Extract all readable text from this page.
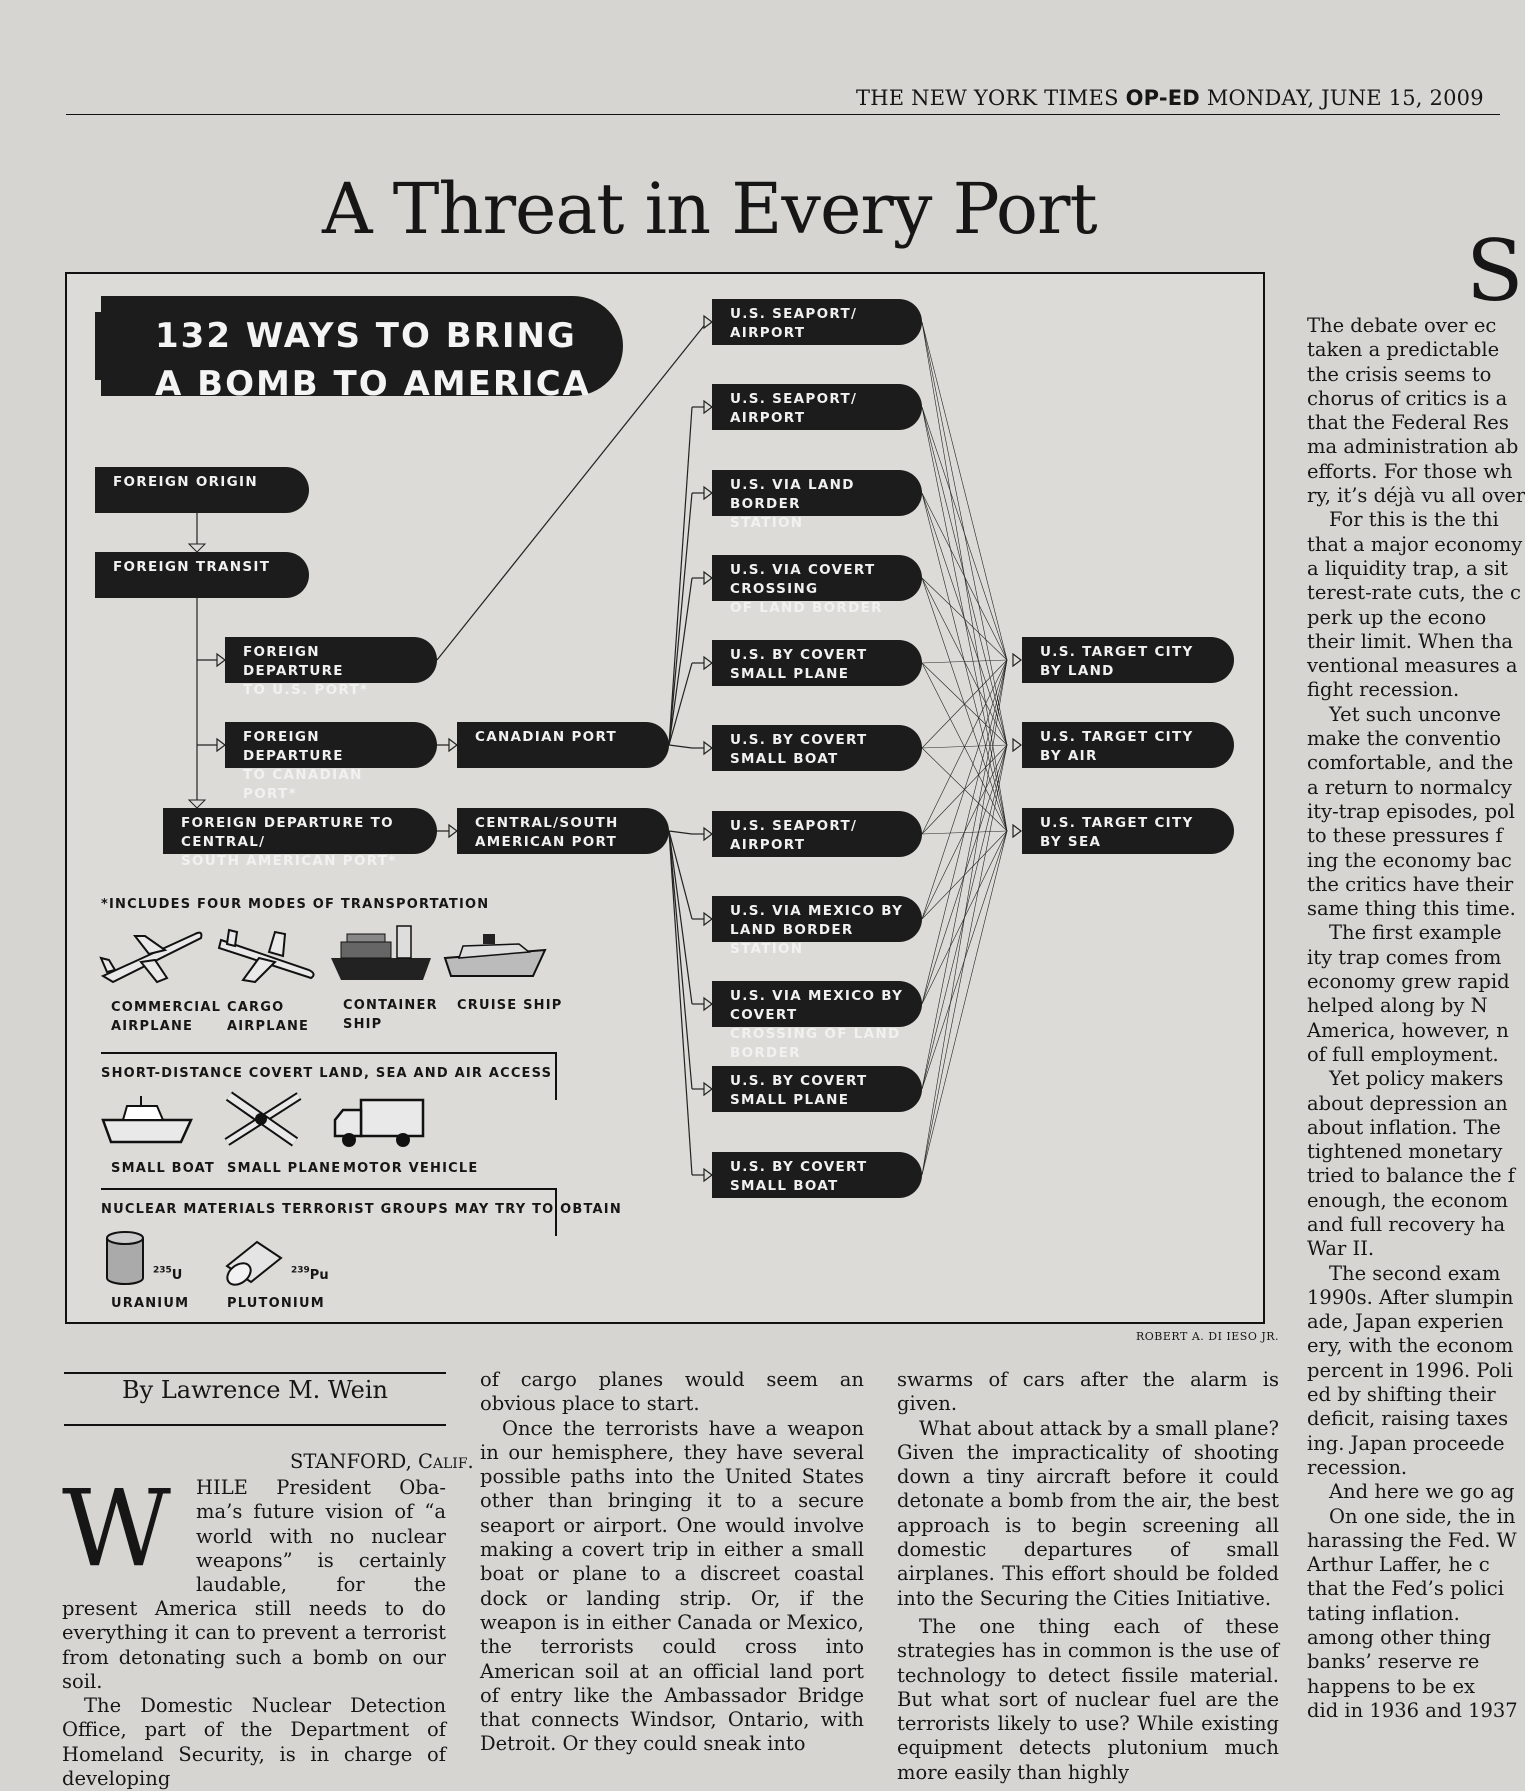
THE NEW YORK TIMES OP-ED MONDAY, JUNE 15, 2009
A Threat in Every Port
S
132 WAYS TO BRING
A BOMB TO AMERICA
FOREIGN ORIGIN
FOREIGN TRANSIT
FOREIGN DEPARTURE
TO U.S. PORT*
FOREIGN DEPARTURE
TO CANADIAN PORT*
FOREIGN DEPARTURE TO CENTRAL/
SOUTH AMERICAN PORT*
CANADIAN PORT
CENTRAL/SOUTH
AMERICAN PORT
*INCLUDES FOUR MODES OF TRANSPORTATION
COMMERCIAL
AIRPLANE
CARGO
AIRPLANE
CONTAINER
SHIP
CRUISE SHIP
SHORT-DISTANCE COVERT LAND, SEA AND AIR ACCESS
SMALL BOAT SMALL PLANE MOTOR VEHICLE
NUCLEAR MATERIALS TERRORIST GROUPS MAY TRY TO OBTAIN
$^{235}$U
URANIUM
$^{239}$Pu
PLUTONIUM
U.S. SEAPORT/
AIRPORT
U.S. SEAPORT/
AIRPORT
U.S. VIA LAND BORDER
STATION
U.S. VIA COVERT CROSSING
OF LAND BORDER
U.S. BY COVERT
SMALL PLANE
U.S. BY COVERT
SMALL BOAT
U.S. SEAPORT/
AIRPORT
U.S. VIA MEXICO BY
LAND BORDER STATION
U.S. VIA MEXICO BY COVERT
CROSSING OF LAND BORDER
U.S. BY COVERT
SMALL PLANE
U.S. BY COVERT
SMALL BOAT
U.S. TARGET CITY
BY LAND
U.S. TARGET CITY
BY AIR
U.S. TARGET CITY
BY SEA
ROBERT A. DI IESO JR.
By Lawrence M. Wein
STANFORD, Calif.
W HILE President Oba-
ma’s future vision of “a
world with no nuclear
weapons” is certainly
laudable, for the

present America still needs to do everything it can to prevent a terrorist from detonating such a bomb on our soil.

The Domestic Nuclear Detection Office, part of the Department of Homeland Security, is in charge of developing

of cargo planes would seem an obvious place to start.

Once the terrorists have a weapon in our hemisphere, they have several possible paths into the United States other than bringing it to a secure seaport or airport. One would involve making a covert trip in either a small boat or plane to a discreet coastal dock or landing strip. Or, if the weapon is in either Canada or Mexico, the terrorists could cross into American soil at an official land port of entry like the Ambassador Bridge that connects Windsor, Ontario, with Detroit. Or they could sneak into

swarms of cars after the alarm is given.

What about attack by a small plane? Given the impracticality of shooting down a tiny aircraft before it could detonate a bomb from the air, the best approach is to begin screening all domestic departures of small airplanes. This effort should be folded into the Securing the Cities Initiative.

The one thing each of these strategies has in common is the use of technology to detect fissile material. But what sort of nuclear fuel are the terrorists likely to use? While existing equipment detects plutonium much more easily than highly

The debate over ec
taken a predictable
the crisis seems to
chorus of critics is a
that the Federal Res
ma administration ab
efforts. For those wh
ry, it’s déjà vu all over
For this is the thi
that a major economy
a liquidity trap, a sit
terest-rate cuts, the c
perk up the econo
their limit. When tha
ventional measures a
fight recession.
Yet such unconve
make the conventio
comfortable, and the
a return to normalcy
ity-trap episodes, pol
to these pressures f
ing the economy bac
the critics have their
same thing this time.
The first example
ity trap comes from
economy grew rapid
helped along by N
America, however, n
of full employment.
Yet policy makers
about depression an
about inflation. The
tightened monetary
tried to balance the f
enough, the econom
and full recovery ha
War II.
The second exam
1990s. After slumpin
ade, Japan experien
ery, with the econom
percent in 1996. Poli
ed by shifting their
deficit, raising taxes
ing. Japan proceede
recession.
And here we go ag
On one side, the in
harassing the Fed. W
Arthur Laffer, he c
that the Fed’s polici
tating inflation.
among other thing
banks’ reserve re
happens to be ex
did in 1936 and 1937
